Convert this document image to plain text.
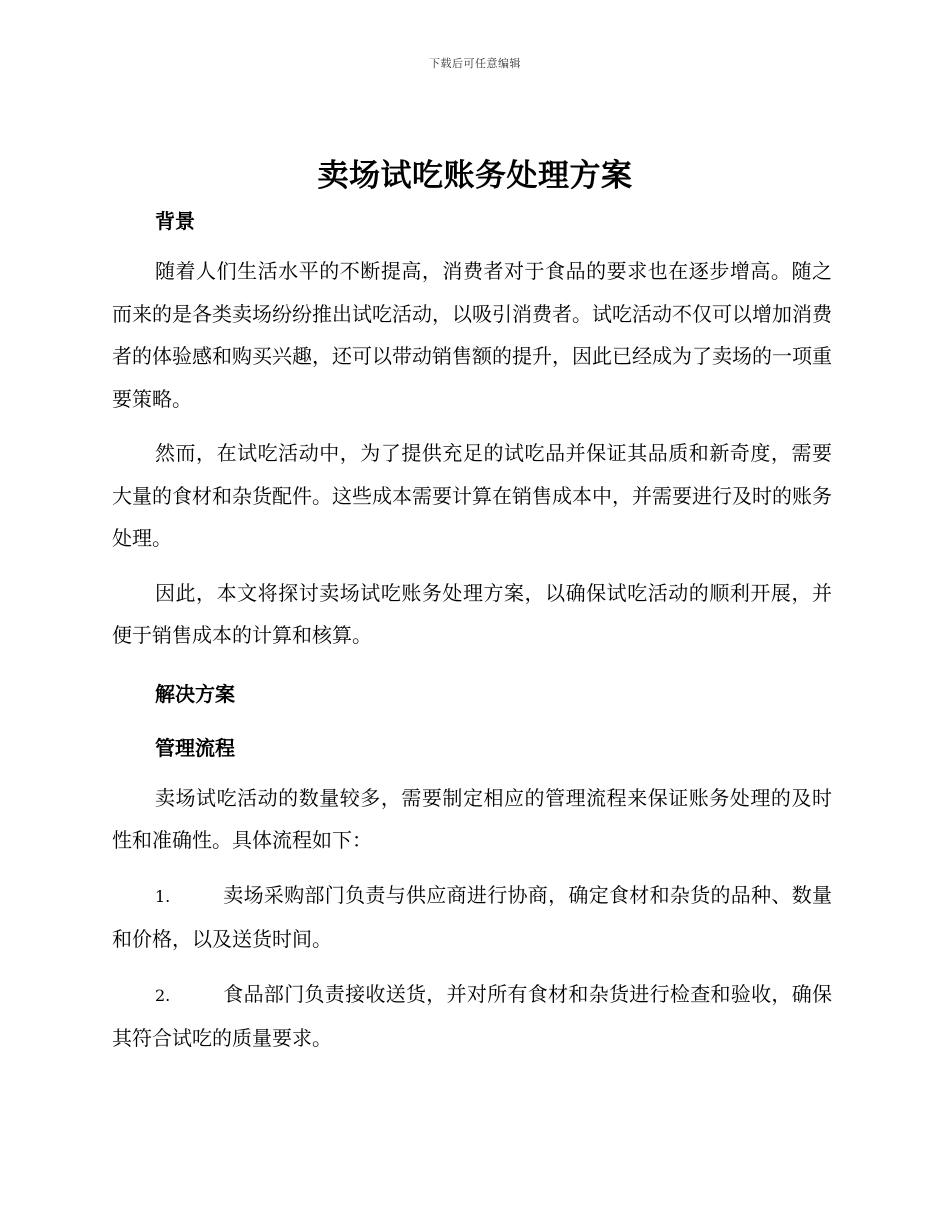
下载后可任意编辑
卖场试吃账务处理方案

背景

随着人们生活水平的不断提高，消费者对于食品的要求也在逐步增高。随之而来的是各类卖场纷纷推出试吃活动，以吸引消费者。试吃活动不仅可以增加消费者的体验感和购买兴趣，还可以带动销售额的提升，因此已经成为了卖场的一项重要策略。

然而，在试吃活动中，为了提供充足的试吃品并保证其品质和新奇度，需要大量的食材和杂货配件。这些成本需要计算在销售成本中，并需要进行及时的账务处理。

因此，本文将探讨卖场试吃账务处理方案，以确保试吃活动的顺利开展，并便于销售成本的计算和核算。

解决方案

管理流程

卖场试吃活动的数量较多，需要制定相应的管理流程来保证账务处理的及时性和准确性。具体流程如下：

1.	卖场采购部门负责与供应商进行协商，确定食材和杂货的品种、数量和价格，以及送货时间。

2.	食品部门负责接收送货，并对所有食材和杂货进行检查和验收，确保其符合试吃的质量要求。
